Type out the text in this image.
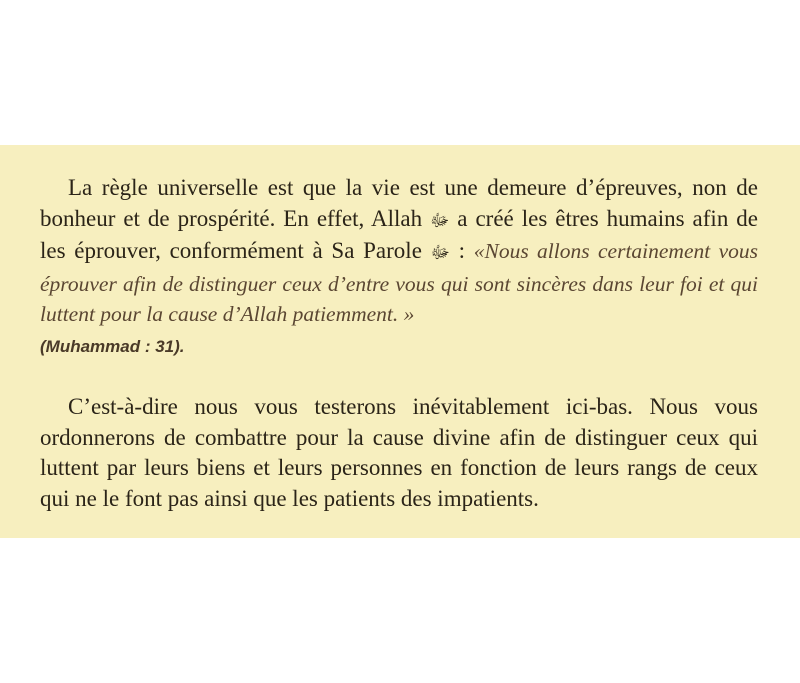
La règle universelle est que la vie est une demeure d’épreuves, non de bonheur et de prospérité. En effet, Allah ﷻ a créé les êtres humains afin de les éprouver, conformément à Sa Parole ﷻ : «Nous allons certainement vous éprouver afin de distinguer ceux d’entre vous qui sont sincères dans leur foi et qui luttent pour la cause d’Allah patiemment. »
(Muhammad : 31).

C’est-à-dire nous vous testerons inévitablement ici-bas. Nous vous ordonnerons de combattre pour la cause divine afin de distinguer ceux qui luttent par leurs biens et leurs personnes en fonction de leurs rangs de ceux qui ne le font pas ainsi que les patients des impatients.
